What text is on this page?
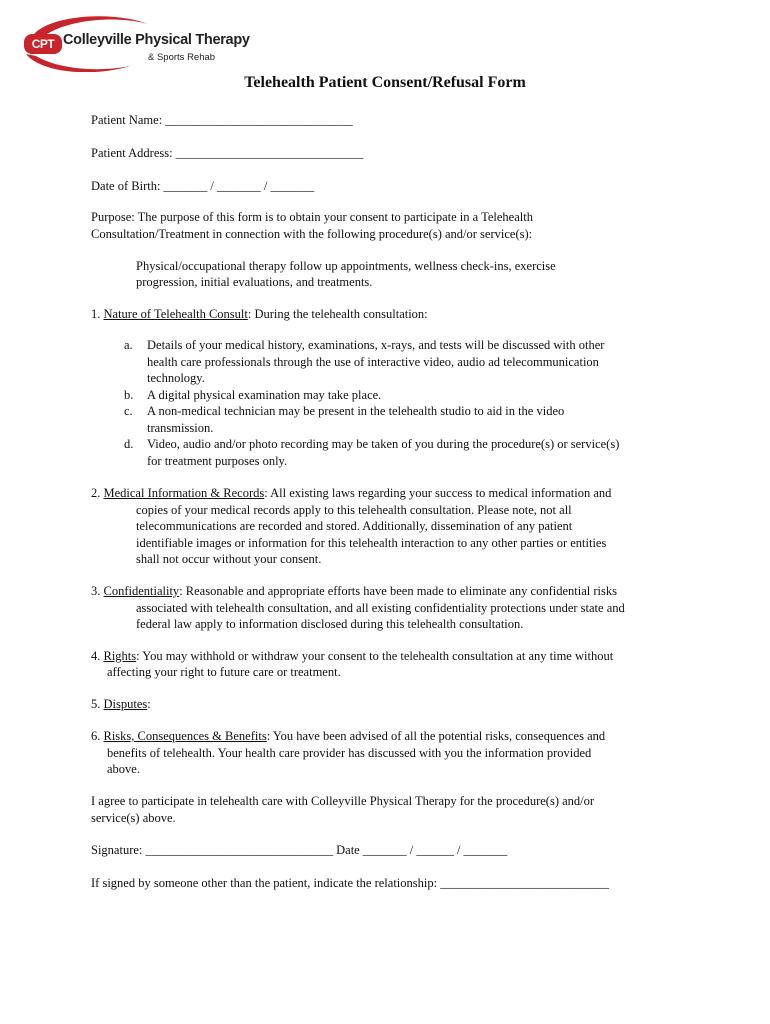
CPT Colleyville Physical Therapy
& Sports Rehab
Telehealth Patient Consent/Refusal Form
Patient Name: ______________________________
Patient Address: ______________________________
Date of Birth: _______ / _______ / _______
Purpose: The purpose of this form is to obtain your consent to participate in a Telehealth
Consultation/Treatment in connection with the following procedure(s) and/or service(s):
Physical/occupational therapy follow up appointments, wellness check-ins, exercise
progression, initial evaluations, and treatments.
1. Nature of Telehealth Consult: During the telehealth consultation:
a. Details of your medical history, examinations, x-rays, and tests will be discussed with other
health care professionals through the use of interactive video, audio ad telecommunication
technology.
b. A digital physical examination may take place.
c. A non-medical technician may be present in the telehealth studio to aid in the video
transmission.
d. Video, audio and/or photo recording may be taken of you during the procedure(s) or service(s)
for treatment purposes only.
2. Medical Information & Records: All existing laws regarding your success to medical information and
copies of your medical records apply to this telehealth consultation. Please note, not all
telecommunications are recorded and stored. Additionally, dissemination of any patient
identifiable images or information for this telehealth interaction to any other parties or entities
shall not occur without your consent.
3. Confidentiality: Reasonable and appropriate efforts have been made to eliminate any confidential risks
associated with telehealth consultation, and all existing confidentiality protections under state and
federal law apply to information disclosed during this telehealth consultation.
4. Rights: You may withhold or withdraw your consent to the telehealth consultation at any time without
affecting your right to future care or treatment.
5. Disputes:
6. Risks, Consequences & Benefits: You have been advised of all the potential risks, consequences and
benefits of telehealth. Your health care provider has discussed with you the information provided
above.
I agree to participate in telehealth care with Colleyville Physical Therapy for the procedure(s) and/or
service(s) above.
Signature: ______________________________ Date _______ / ______ / _______
If signed by someone other than the patient, indicate the relationship: ___________________________
